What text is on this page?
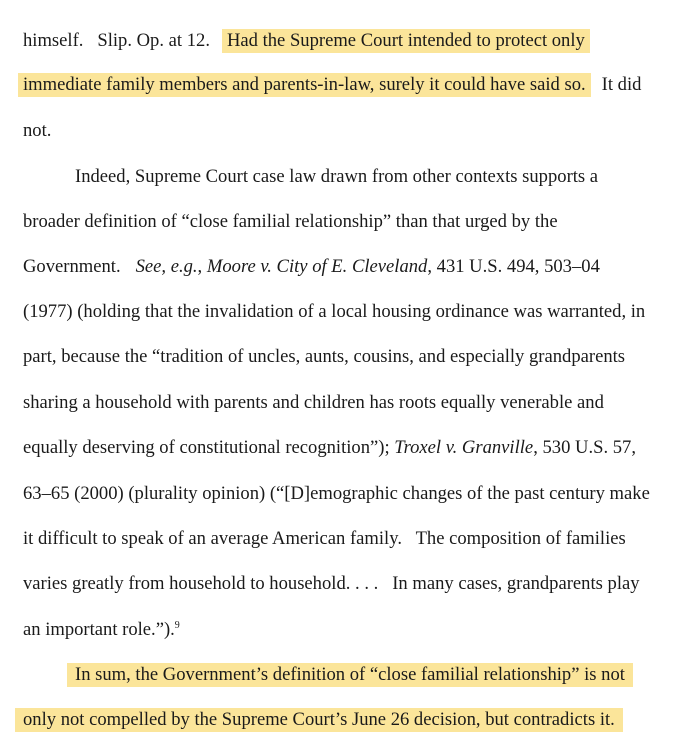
himself.   Slip. Op. at 12. Had the Supreme Court intended to protect only
immediate family members and parents-in-law, surely it could have said so. It did
not.
Indeed, Supreme Court case law drawn from other contexts supports a
broader definition of “close familial relationship” than that urged by the
Government. See, e.g., Moore v. City of E. Cleveland, 431 U.S. 494, 503–04
(1977) (holding that the invalidation of a local housing ordinance was warranted, in
part, because the “tradition of uncles, aunts, cousins, and especially grandparents
sharing a household with parents and children has roots equally venerable and
equally deserving of constitutional recognition”); Troxel v. Granville, 530 U.S. 57,
63–65 (2000) (plurality opinion) (“[D]emographic changes of the past century make
it difficult to speak of an average American family.   The composition of families
varies greatly from household to household. . . .   In many cases, grandparents play
an important role.”).$^9$
In sum, the Government’s definition of “close familial relationship” is not
only not compelled by the Supreme Court’s June 26 decision, but contradicts it.
